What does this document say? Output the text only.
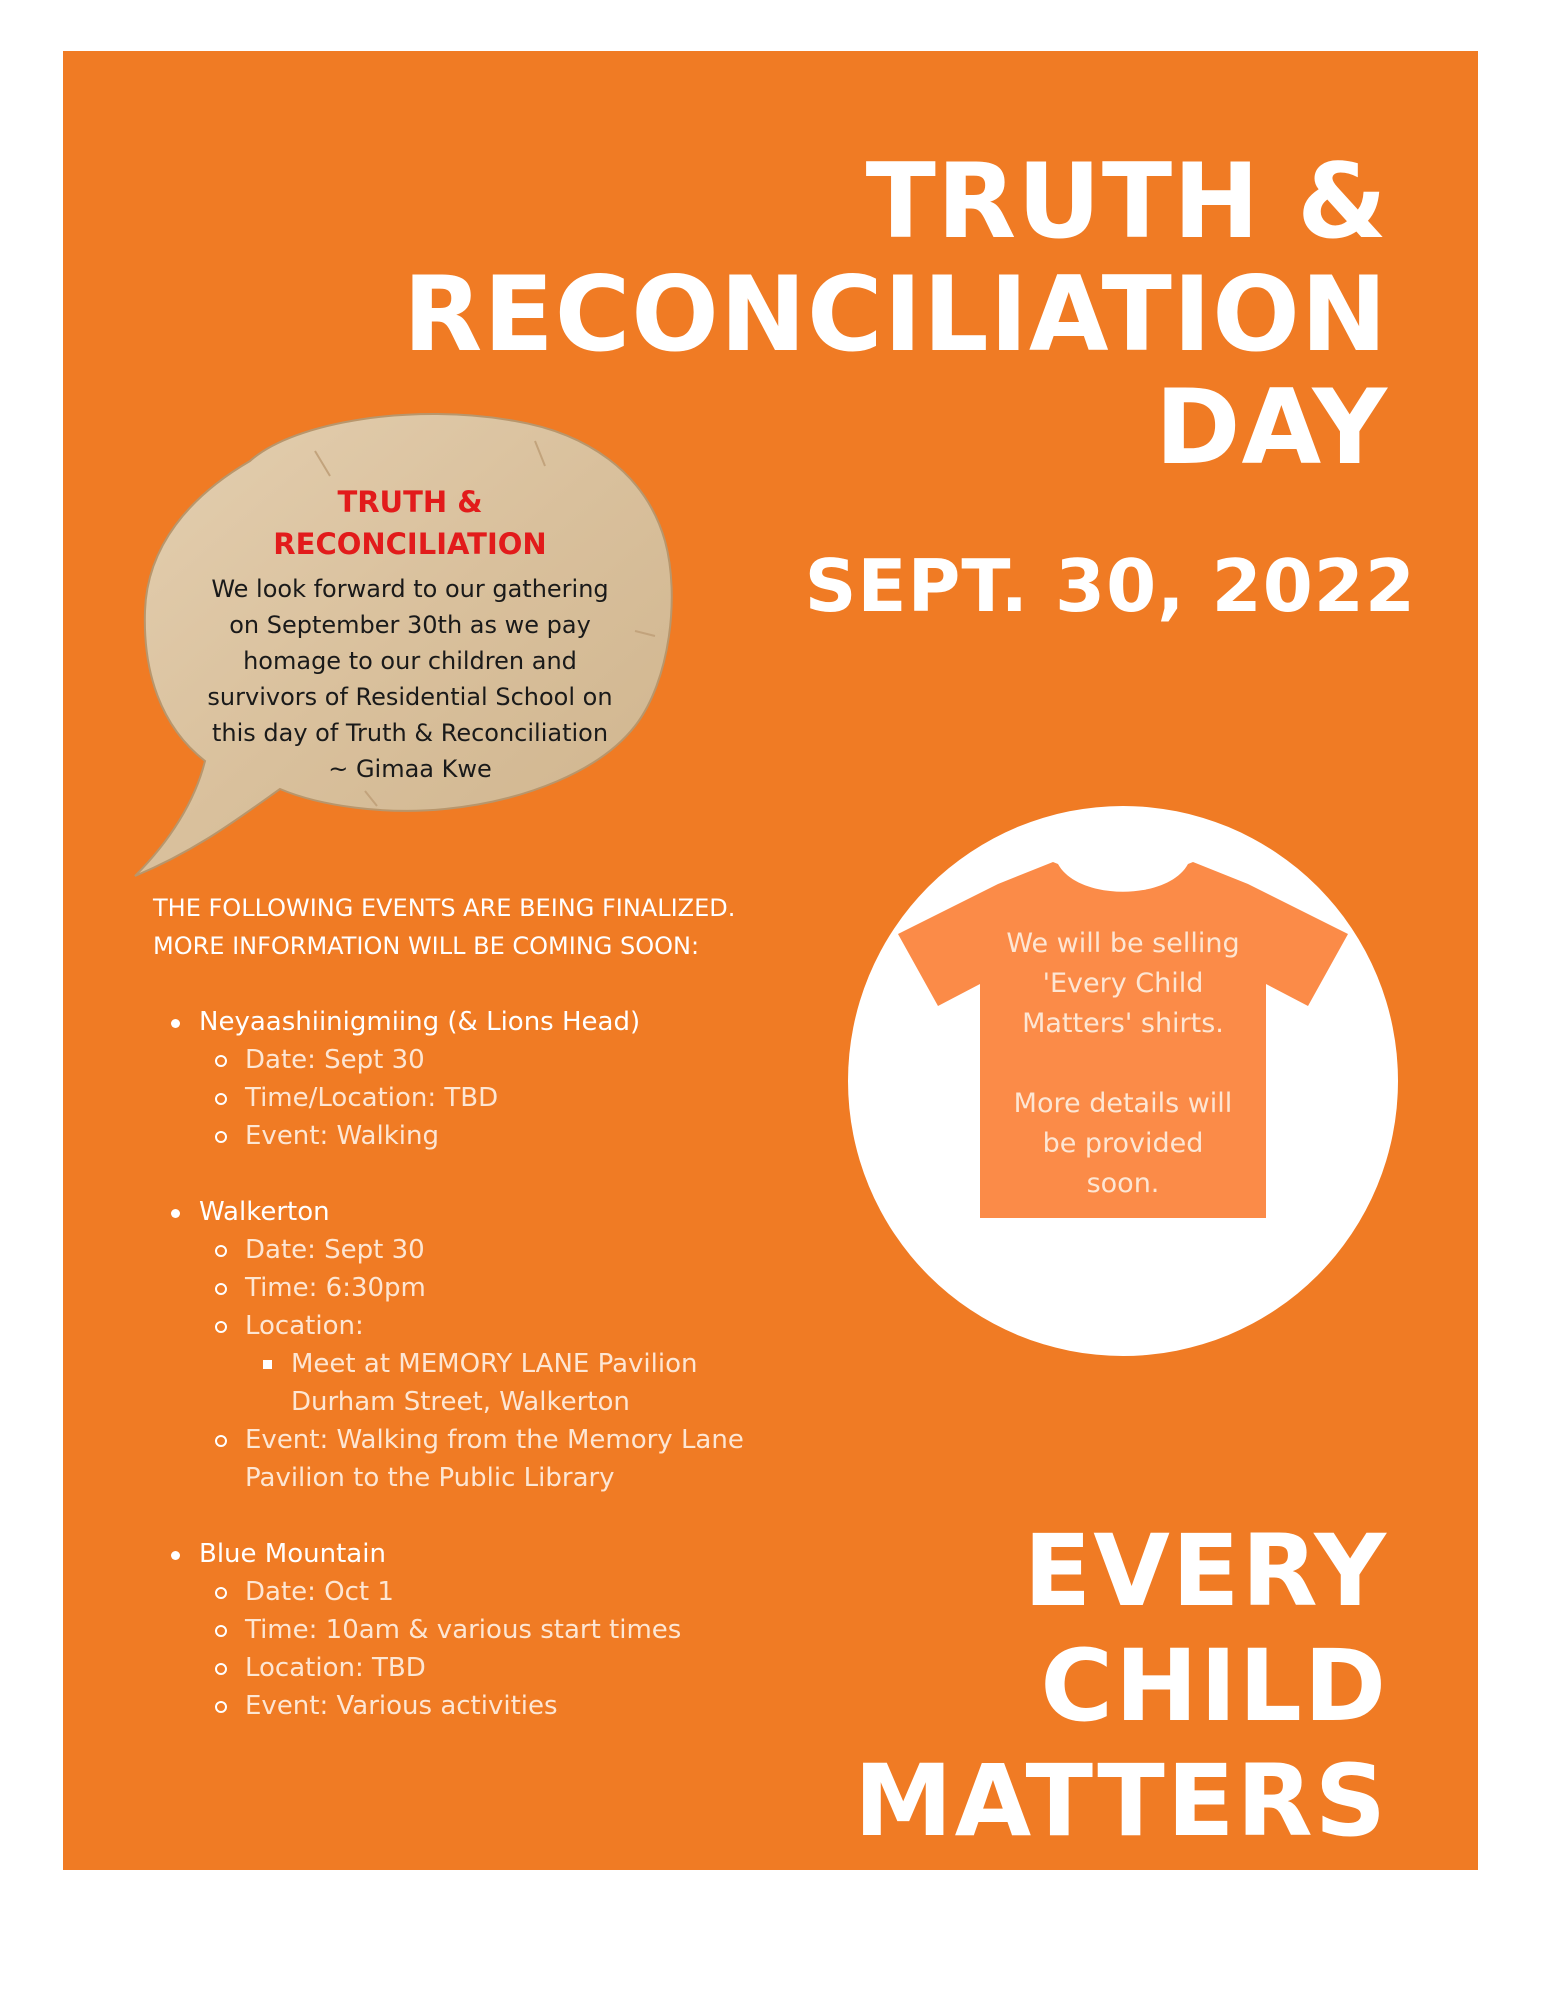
TRUTH &
RECONCILIATION
DAY
SEPT. 30, 2022
TRUTH &
RECONCILIATION
We look forward to our gathering
on September 30th as we pay
homage to our children and
survivors of Residential School on
this day of Truth & Reconciliation
~ Gimaa Kwe
THE FOLLOWING EVENTS ARE BEING FINALIZED.
MORE INFORMATION WILL BE COMING SOON:
Neyaashiinigmiing (& Lions Head)
Date: Sept 30
Time/Location: TBD
Event: Walking
Walkerton
Date: Sept 30
Time: 6:30pm
Location:
Meet at MEMORY LANE Pavilion
Durham Street, Walkerton
Event: Walking from the Memory Lane
Pavilion to the Public Library
Blue Mountain
Date: Oct 1
Time: 10am & various start times
Location: TBD
Event: Various activities
We will be selling
'Every Child
Matters' shirts.
More details will
be provided
soon.
EVERY
CHILD
MATTERS
